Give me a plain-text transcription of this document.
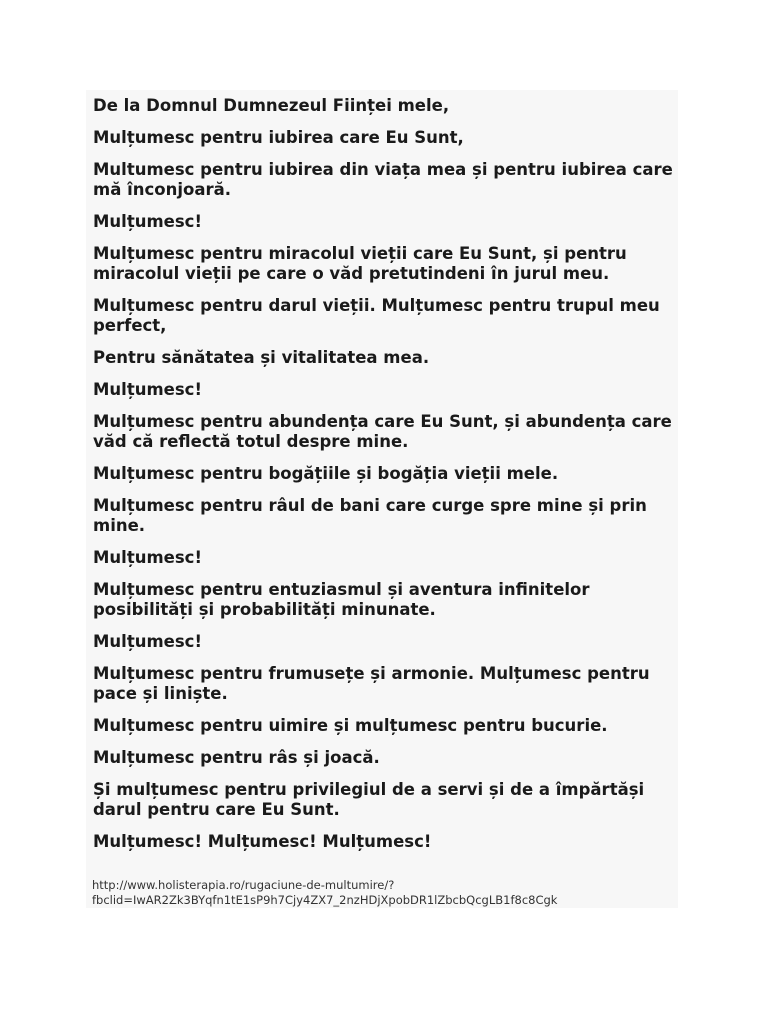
De la Domnul Dumnezeul Ființei mele,

Mulțumesc pentru iubirea care Eu Sunt,

Multumesc pentru iubirea din viața mea și pentru iubirea care mă înconjoară.

Mulțumesc!

Mulțumesc pentru miracolul vieții care Eu Sunt, și pentru miracolul vieții pe care o văd pretutindeni în jurul meu.

Mulțumesc pentru darul vieții. Mulțumesc pentru trupul meu perfect,

Pentru sănătatea și vitalitatea mea.

Mulțumesc!

Mulțumesc pentru abundența care Eu Sunt, și abundența care văd că reflectă totul despre mine.

Mulțumesc pentru bogățiile și bogăția vieții mele.

Mulțumesc pentru râul de bani care curge spre mine și prin mine.

Mulțumesc!

Mulțumesc pentru entuziasmul și aventura infinitelor posibilități și probabilități minunate.

Mulțumesc!

Mulțumesc pentru frumusețe și armonie. Mulțumesc pentru pace și liniște.

Mulțumesc pentru uimire și mulțumesc pentru bucurie.

Mulțumesc pentru râs și joacă.

Și mulțumesc pentru privilegiul de a servi și de a împărtăși darul pentru care Eu Sunt.

Mulțumesc! Mulțumesc! Mulțumesc!

http://www.holisterapia.ro/rugaciune-de-multumire/?
fbclid=IwAR2Zk3BYqfn1tE1sP9h7Cjy4ZX7_2nzHDjXpobDR1lZbcbQcgLB1f8c8Cgk
